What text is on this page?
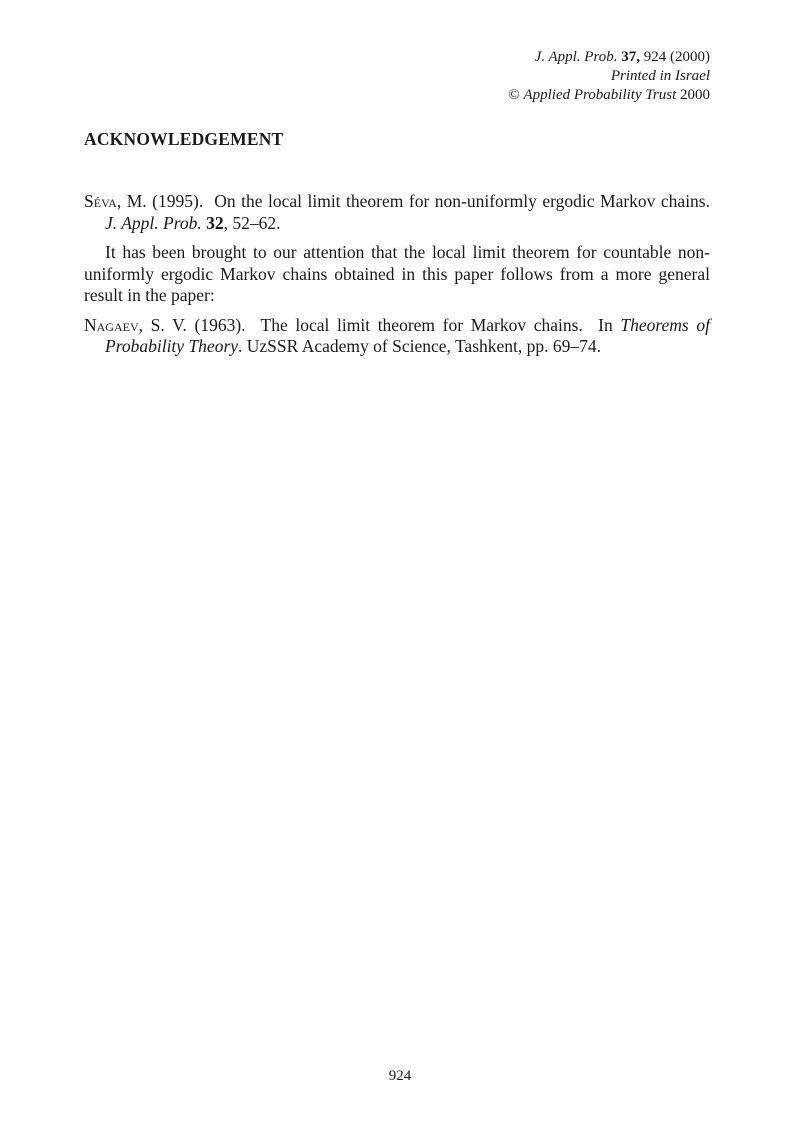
J. Appl. Prob. 37, 924 (2000)
Printed in Israel
© Applied Probability Trust 2000
ACKNOWLEDGEMENT

Séva, M. (1995). On the local limit theorem for non-uniformly ergodic Markov chains. J. Appl. Prob. 32, 52–62.

It has been brought to our attention that the local limit theorem for countable non-uniformly ergodic Markov chains obtained in this paper follows from a more general result in the paper:

Nagaev, S. V. (1963). The local limit theorem for Markov chains. In Theorems of Probability Theory. UzSSR Academy of Science, Tashkent, pp. 69–74.

924
